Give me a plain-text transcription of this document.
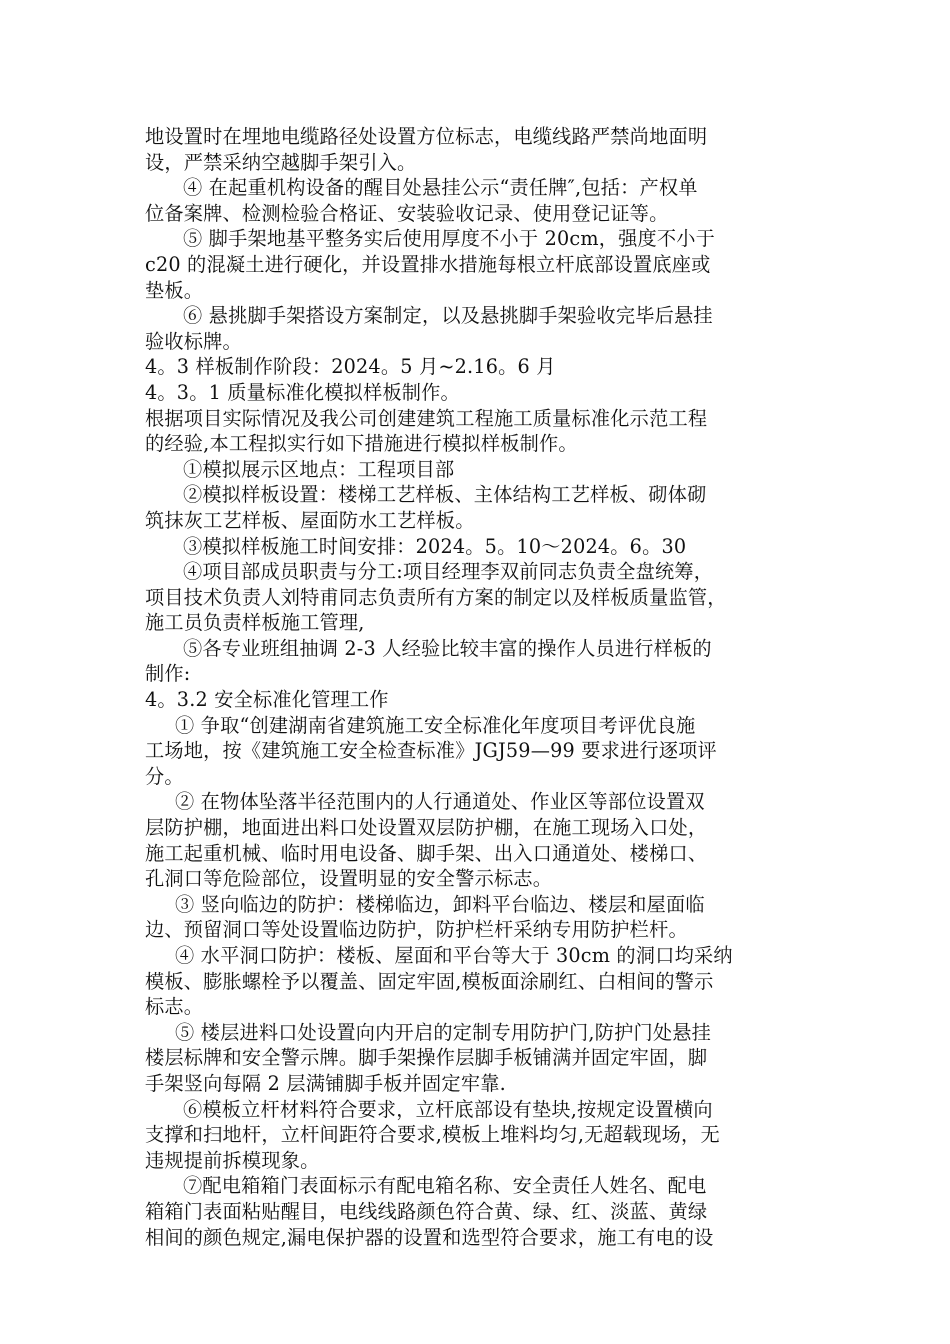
地设置时在埋地电缆路径处设置方位标志，电缆线路严禁尚地面明
设，严禁采纳空越脚手架引入。
④ 在起重机构设备的醒目处悬挂公示“责任牌″,包括：产权单
位备案牌、检测检验合格证、安装验收记录、使用登记证等。
⑤ 脚手架地基平整务实后使用厚度不小于 20cm，强度不小于
c20 的混凝土进行硬化，并设置排水措施每根立杆底部设置底座或
垫板。
⑥ 悬挑脚手架搭设方案制定，以及悬挑脚手架验收完毕后悬挂
验收标牌。
4。3 样板制作阶段：2024。5 月~2.16。6 月
4。3。1 质量标准化模拟样板制作。
根据项目实际情况及我公司创建建筑工程施工质量标准化示范工程
的经验,本工程拟实行如下措施进行模拟样板制作。
①模拟展示区地点：工程项目部
②模拟样板设置：楼梯工艺样板、主体结构工艺样板、砌体砌
筑抹灰工艺样板、屋面防水工艺样板。
③模拟样板施工时间安排：2024。5。10～2024。6。30
④项目部成员职责与分工:项目经理李双前同志负责全盘统筹，
项目技术负责人刘特甫同志负责所有方案的制定以及样板质量监管，
施工员负责样板施工管理,
⑤各专业班组抽调 2-3 人经验比较丰富的操作人员进行样板的
制作:
4。3.2 安全标准化管理工作
① 争取“创建湖南省建筑施工安全标准化年度项目考评优良施
工场地，按《建筑施工安全检查标准》JGJ59—99 要求进行逐项评
分。
② 在物体坠落半径范围内的人行通道处、作业区等部位设置双
层防护棚，地面进出料口处设置双层防护棚，在施工现场入口处，
施工起重机械、临时用电设备、脚手架、出入口通道处、楼梯口、
孔洞口等危险部位，设置明显的安全警示标志。
③ 竖向临边的防护：楼梯临边，卸料平台临边、楼层和屋面临
边、预留洞口等处设置临边防护，防护栏杆采纳专用防护栏杆。
④ 水平洞口防护：楼板、屋面和平台等大于 30cm 的洞口均采纳
模板、膨胀螺栓予以覆盖、固定牢固,模板面涂刷红、白相间的警示
标志。
⑤ 楼层进料口处设置向内开启的定制专用防护门,防护门处悬挂
楼层标牌和安全警示牌。脚手架操作层脚手板铺满并固定牢固，脚
手架竖向每隔 2 层满铺脚手板并固定牢靠.
⑥模板立杆材料符合要求，立杆底部设有垫块,按规定设置横向
支撑和扫地杆，立杆间距符合要求,模板上堆料均匀,无超载现场，无
违规提前拆模现象。
⑦配电箱箱门表面标示有配电箱名称、安全责任人姓名、配电
箱箱门表面粘贴醒目，电线线路颜色符合黄、绿、红、淡蓝、黄绿
相间的颜色规定,漏电保护器的设置和选型符合要求，施工有电的设
